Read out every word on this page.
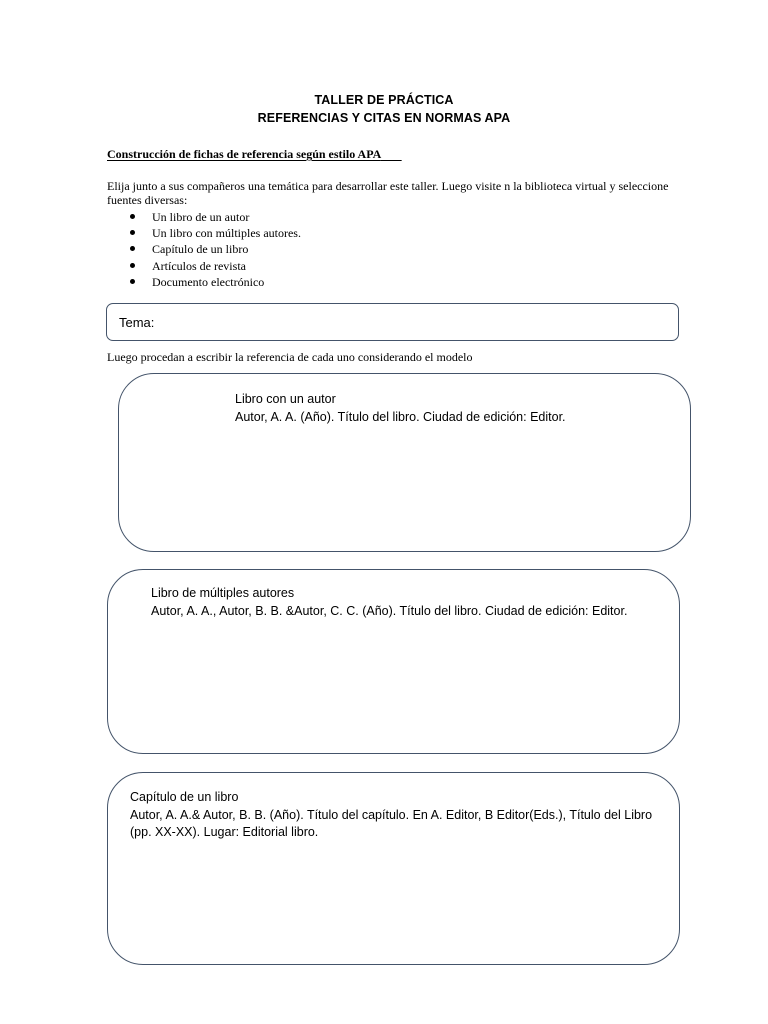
TALLER DE PRÁCTICA
REFERENCIAS Y CITAS EN NORMAS APA
Construcción de fichas de referencia según estilo APA
Elija junto a sus compañeros una temática para desarrollar este taller. Luego visite n la biblioteca virtual y seleccione fuentes diversas:
Un libro de un autor
Un libro con múltiples autores.
Capítulo de un libro
Artículos de revista
Documento electrónico
Tema:
Luego procedan a escribir la referencia de cada uno considerando el modelo
Libro con un autor
Autor, A. A. (Año). Título del libro. Ciudad de edición: Editor.
Libro de múltiples autores
Autor, A. A., Autor, B. B. &Autor, C. C. (Año). Título del libro. Ciudad de edición: Editor.
Capítulo de un libro
Autor, A. A.& Autor, B. B. (Año). Título del capítulo. En A. Editor, B Editor(Eds.), Título del Libro
(pp. XX-XX). Lugar: Editorial libro.
